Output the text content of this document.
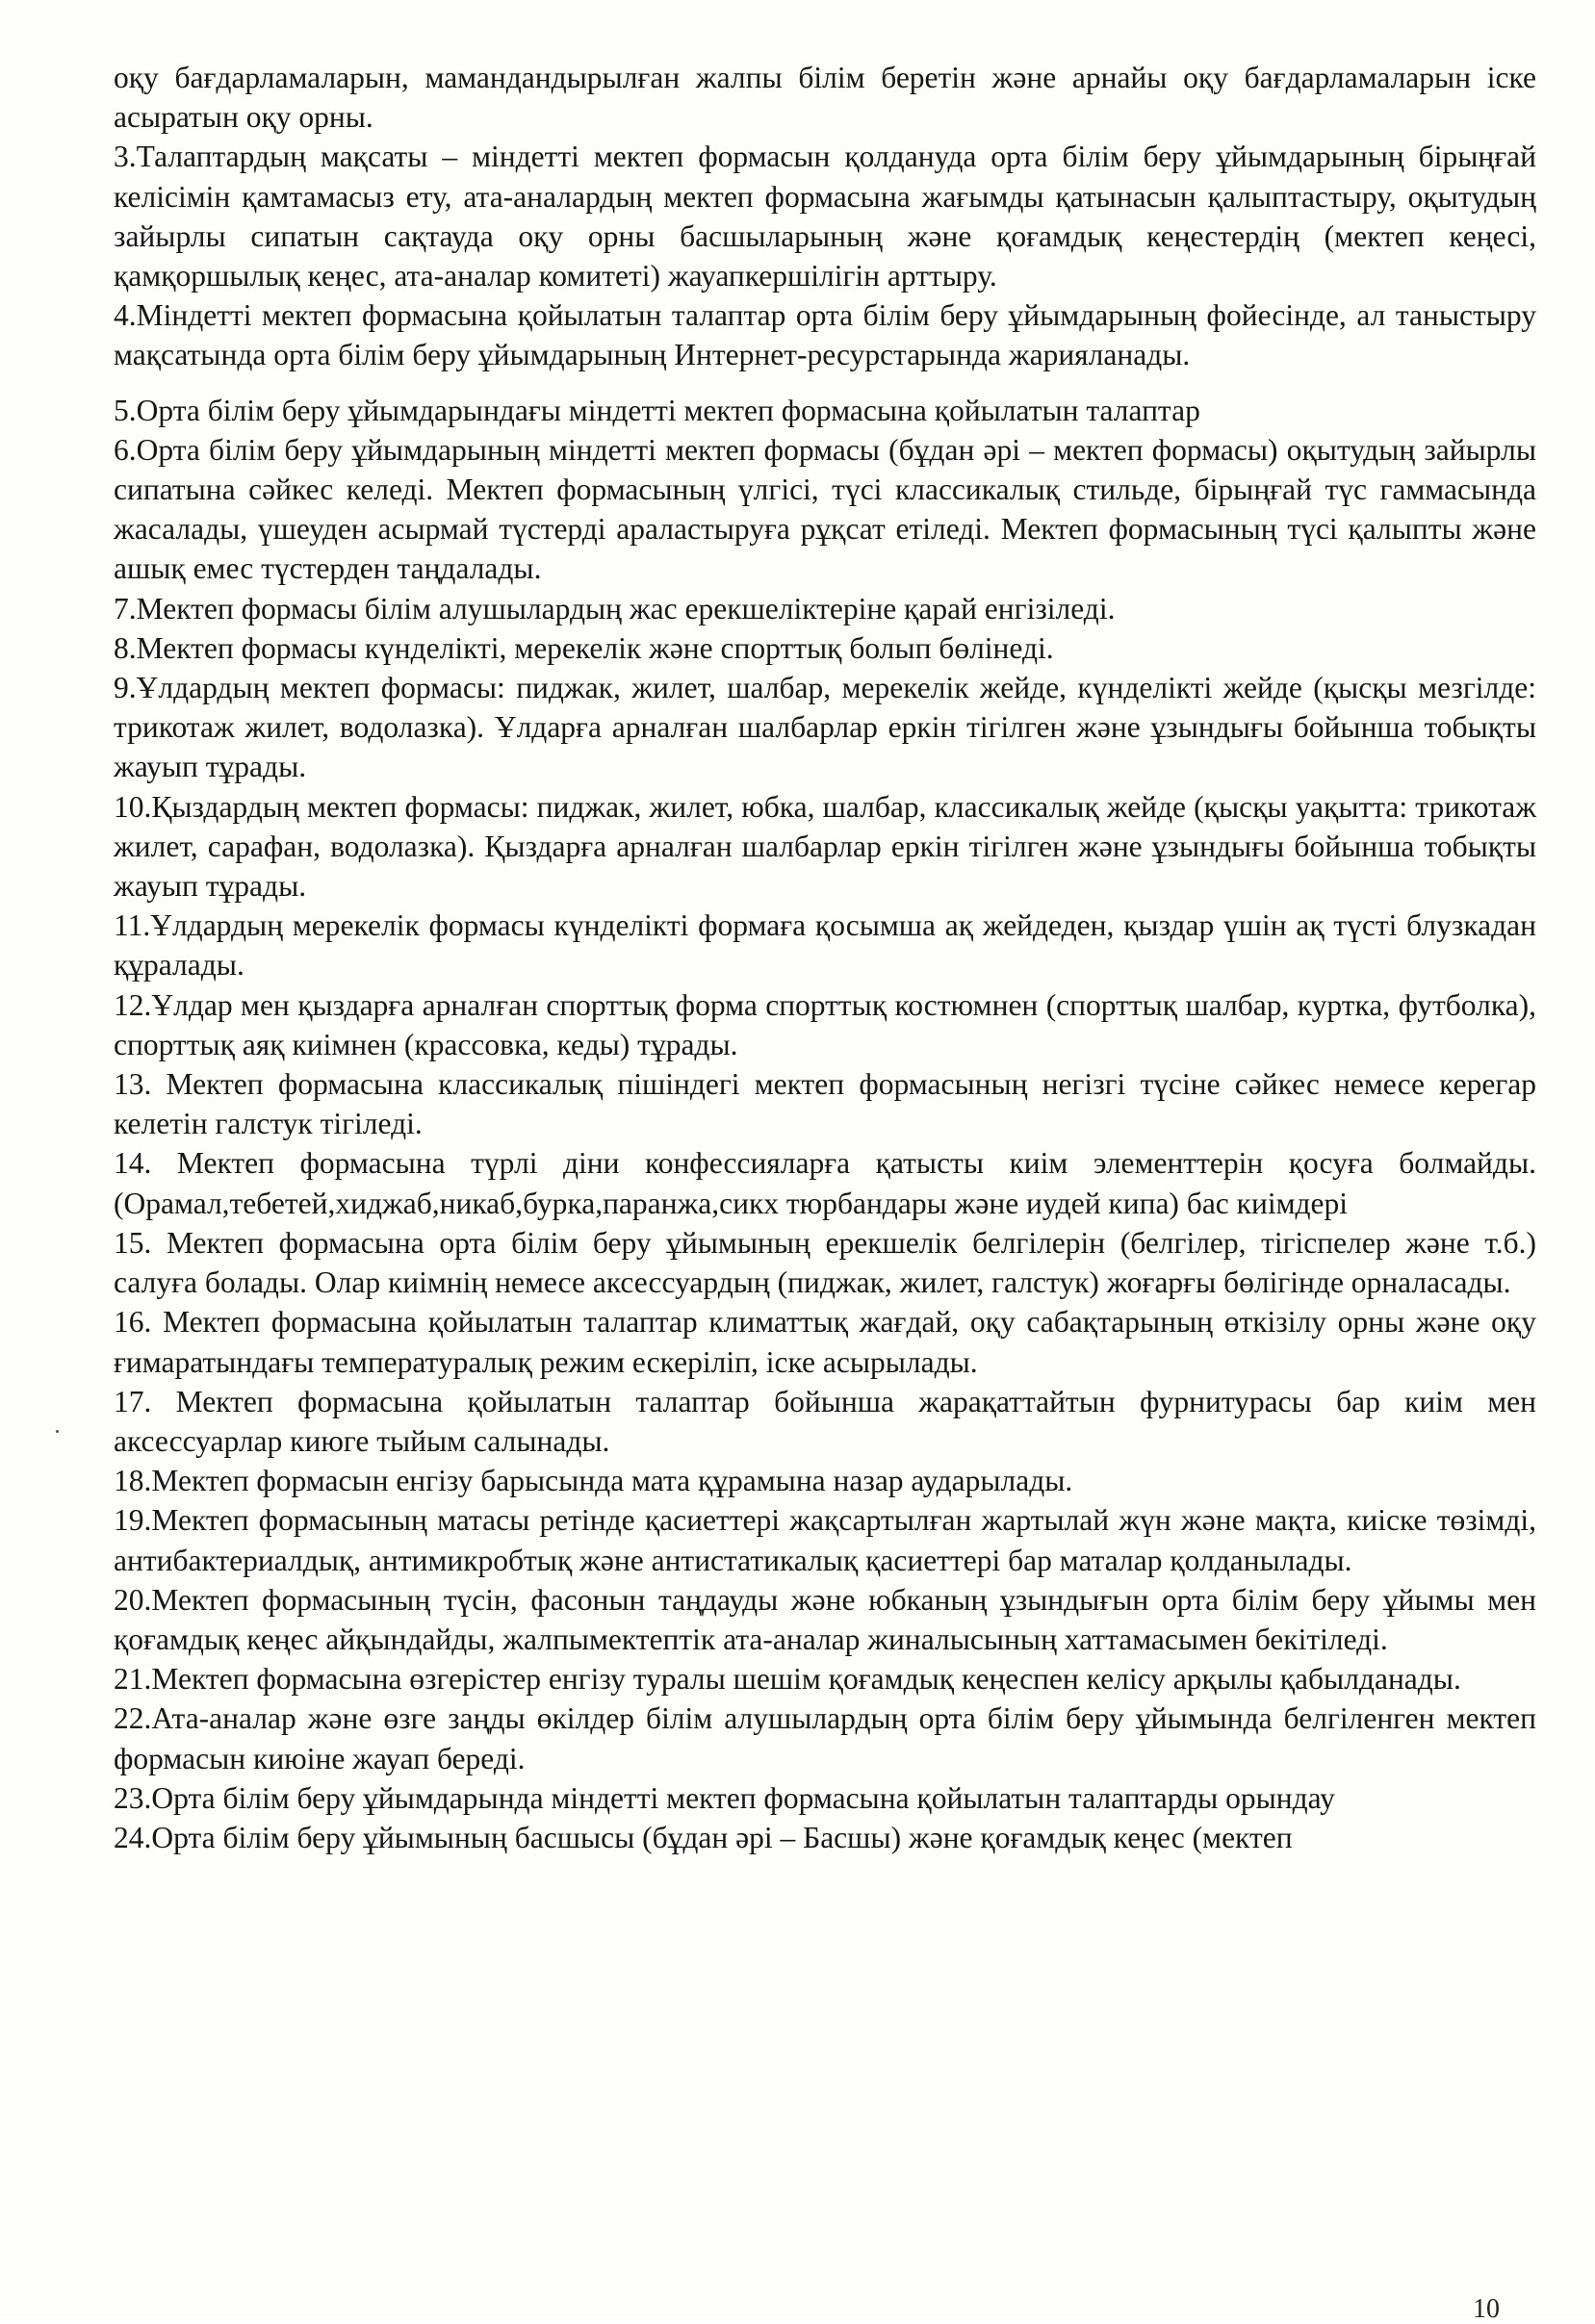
оқу бағдарламаларын, мамандандырылған жалпы білім беретін және арнайы оқу бағдарламаларын іске асыратын оқу орны.

3.Талаптардың мақсаты – міндетті мектеп формасын қолдануда орта білім беру ұйымдарының бірыңғай келісімін қамтамасыз ету, ата-аналардың мектеп формасына жағымды қатынасын қалыптастыру, оқытудың зайырлы сипатын сақтауда оқу орны басшыларының және қоғамдық кеңестердің (мектеп кеңесі, қамқоршылық кеңес, ата-аналар комитеті) жауапкершілігін арттыру.

4.Міндетті мектеп формасына қойылатын талаптар орта білім беру ұйымдарының фойесінде, ал таныстыру мақсатында орта білім беру ұйымдарының Интернет-ресурстарында жарияланады.

5.Орта білім беру ұйымдарындағы міндетті мектеп формасына қойылатын талаптар

6.Орта білім беру ұйымдарының міндетті мектеп формасы (бұдан әрі – мектеп формасы) оқытудың зайырлы сипатына сәйкес келеді. Мектеп формасының үлгісі, түсі классикалық стильде, бірыңғай түс гаммасында жасалады, үшеуден асырмай түстерді араластыруға рұқсат етіледі. Мектеп формасының түсі қалыпты және ашық емес түстерден таңдалады.

7.Мектеп формасы білім алушылардың жас ерекшеліктеріне қарай енгізіледі.

8.Мектеп формасы күнделікті, мерекелік және спорттық болып бөлінеді.

9.Ұлдардың мектеп формасы: пиджак, жилет, шалбар, мерекелік жейде, күнделікті жейде (қысқы мезгілде: трикотаж жилет, водолазка). Ұлдарға арналған шалбарлар еркін тігілген және ұзындығы бойынша тобықты жауып тұрады.

10.Қыздардың мектеп формасы: пиджак, жилет, юбка, шалбар, классикалық жейде (қысқы уақытта: трикотаж жилет, сарафан, водолазка). Қыздарға арналған шалбарлар еркін тігілген және ұзындығы бойынша тобықты жауып тұрады.

11.Ұлдардың мерекелік формасы күнделікті формаға қосымша ақ жейдеден, қыздар үшін ақ түсті блузкадан құралады.

12.Ұлдар мен қыздарға арналған спорттық форма спорттық костюмнен (спорттық шалбар, куртка, футболка), спорттық аяқ киімнен (крассовка, кеды) тұрады.

13. Мектеп формасына классикалық пішіндегі мектеп формасының негізгі түсіне сәйкес немесе керегар келетін галстук тігіледі.

14. Мектеп формасына түрлі діни конфессияларға қатысты киім элементтерін қосуға болмайды.(Орамал,тебетей,хиджаб,никаб,бурка,паранжа,сикх тюрбандары және иудей кипа) бас киімдері

15. Мектеп формасына орта білім беру ұйымының ерекшелік белгілерін (белгілер, тігіспелер және т.б.) салуға болады. Олар киімнің немесе аксессуардың (пиджак, жилет, галстук) жоғарғы бөлігінде орналасады.

16. Мектеп формасына қойылатын талаптар климаттық жағдай, оқу сабақтарының өткізілу орны және оқу ғимаратындағы температуралық режим ескеріліп, іске асырылады.

17. Мектеп формасына қойылатын талаптар бойынша жарақаттайтын фурнитурасы бар киім мен аксессуарлар киюге тыйым салынады.

18.Мектеп формасын енгізу барысында мата құрамына назар аударылады.

19.Мектеп формасының матасы ретінде қасиеттері жақсартылған жартылай жүн және мақта, киіске төзімді, антибактериалдық, антимикробтық және антистатикалық қасиеттері бар маталар қолданылады.

20.Мектеп формасының түсін, фасонын таңдауды және юбканың ұзындығын орта білім беру ұйымы мен қоғамдық кеңес айқындайды, жалпымектептік ата-аналар жиналысының хаттамасымен бекітіледі.

21.Мектеп формасына өзгерістер енгізу туралы шешім қоғамдық кеңеспен келісу арқылы қабылданады.

22.Ата-аналар және өзге заңды өкілдер білім алушылардың орта білім беру ұйымында белгіленген мектеп формасын киюіне жауап береді.

23.Орта білім беру ұйымдарында міндетті мектеп формасына қойылатын талаптарды орындау

24.Орта білім беру ұйымының басшысы (бұдан әрі – Басшы) және қоғамдық кеңес (мектеп

10
